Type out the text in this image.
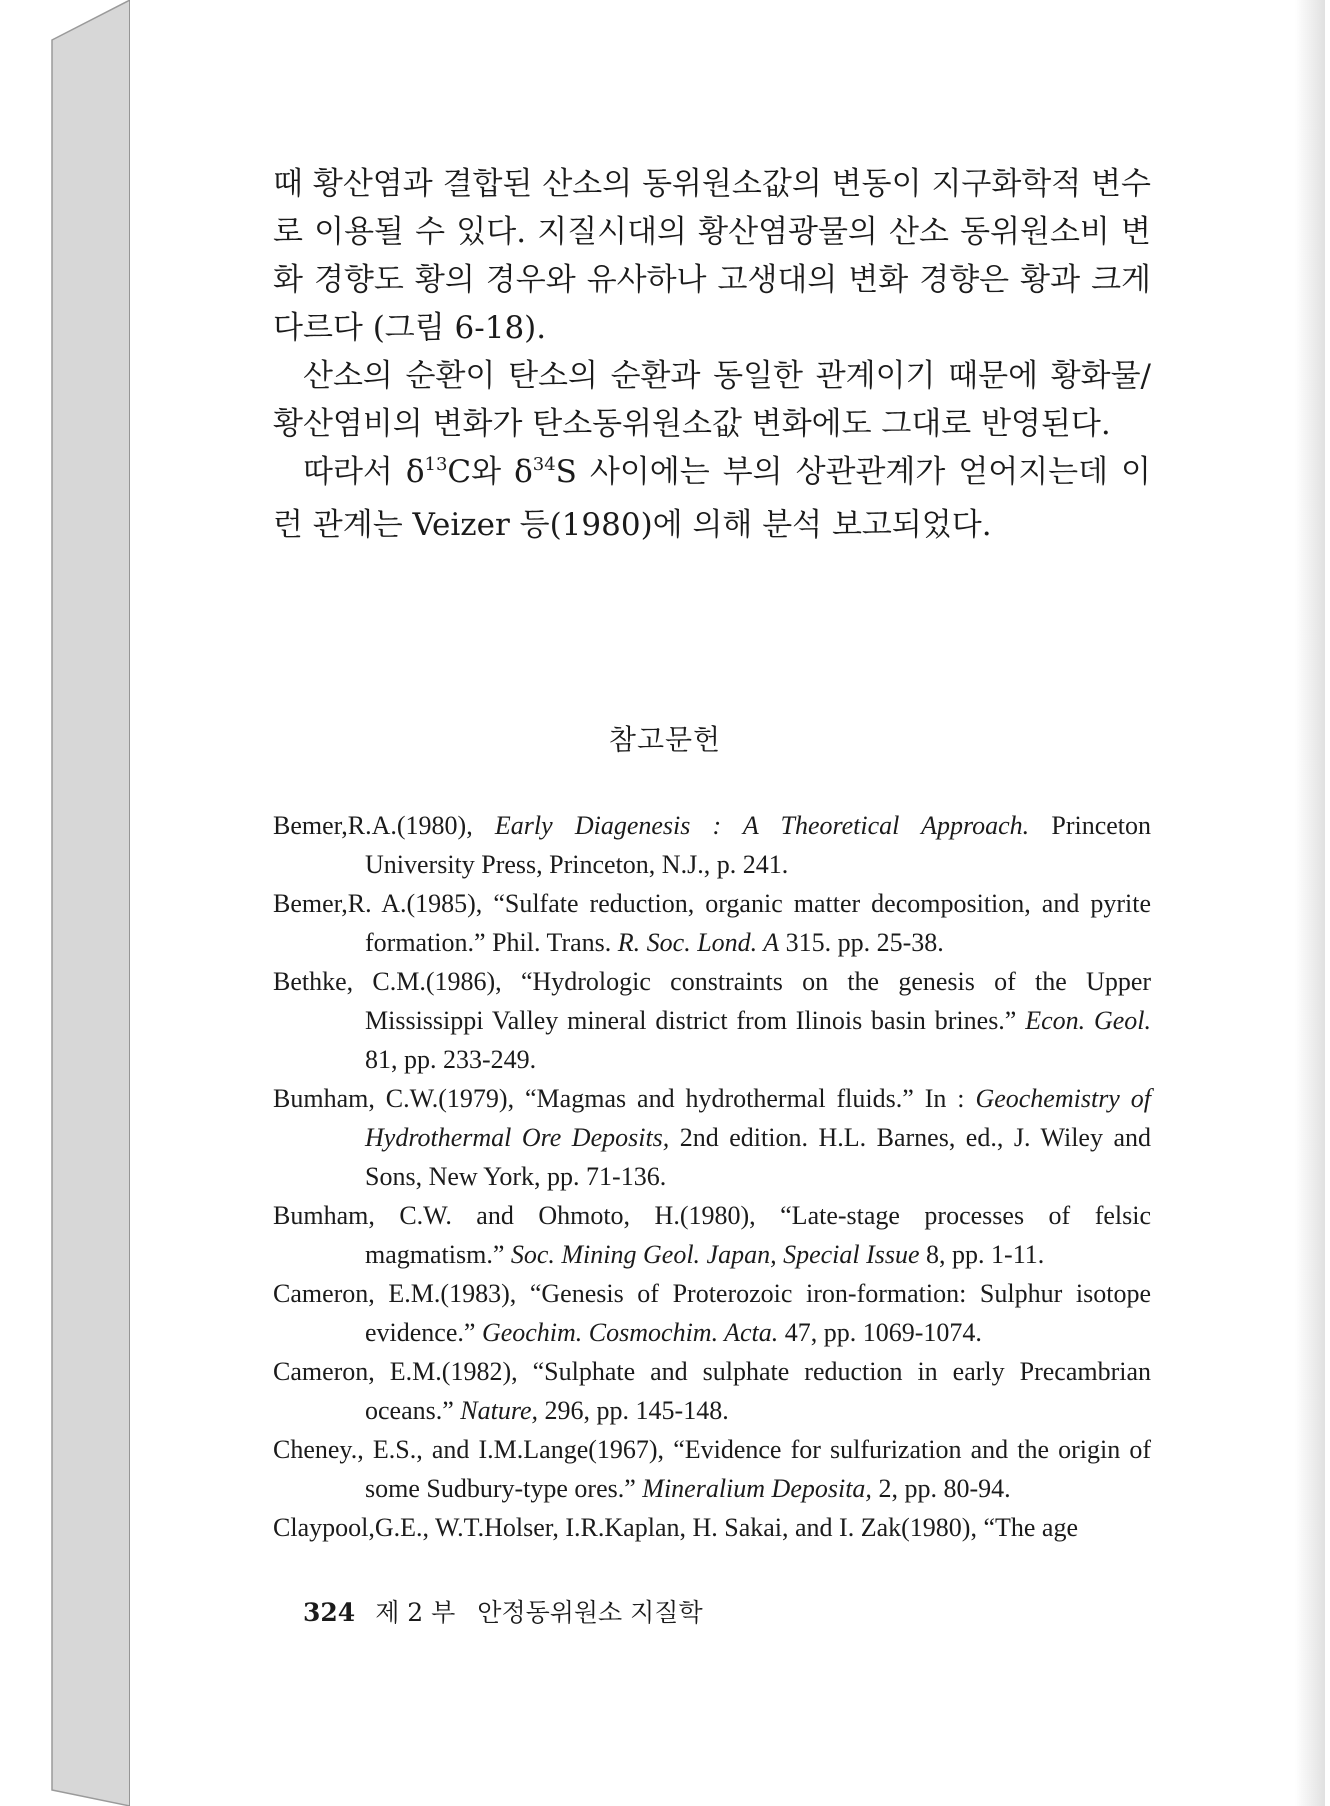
때 황산염과 결합된 산소의 동위원소값의 변동이 지구화학적 변수로 이용될 수 있다. 지질시대의 황산염광물의 산소 동위원소비 변화 경향도 황의 경우와 유사하나 고생대의 변화 경향은 황과 크게 다르다 (그림 6-18).

산소의 순환이 탄소의 순환과 동일한 관계이기 때문에 황화물/황산염비의 변화가 탄소동위원소값 변화에도 그대로 반영된다.

따라서 $\delta^{13}C$와 $\delta^{34}S$ 사이에는 부의 상관관계가 얻어지는데 이런 관계는 Veizer 등(1980)에 의해 분석 보고되었다.

참고문헌

Bemer,R.A.(1980), Early Diagenesis : A Theoretical Approach. Princeton University Press, Princeton, N.J., p. 241.

Bemer,R. A.(1985), “Sulfate reduction, organic matter decomposition, and pyrite formation.” Phil. Trans. R. Soc. Lond. A 315. pp. 25-38.

Bethke, C.M.(1986), “Hydrologic constraints on the genesis of the Upper Mississippi Valley mineral district from Ilinois basin brines.” Econ. Geol. 81, pp. 233-249.

Bumham, C.W.(1979), “Magmas and hydrothermal fluids.” In : Geochemistry of Hydrothermal Ore Deposits, 2nd edition. H.L. Barnes, ed., J. Wiley and Sons, New York, pp. 71-136.

Bumham, C.W. and Ohmoto, H.(1980), “Late-stage processes of felsic magmatism.” Soc. Mining Geol. Japan, Special Issue 8, pp. 1-11.

Cameron, E.M.(1983), “Genesis of Proterozoic iron-formation: Sulphur isotope evidence.” Geochim. Cosmochim. Acta. 47, pp. 1069-1074.

Cameron, E.M.(1982), “Sulphate and sulphate reduction in early Precambrian oceans.” Nature, 296, pp. 145-148.

Cheney., E.S., and I.M.Lange(1967), “Evidence for sulfurization and the origin of some Sudbury-type ores.” Mineralium Deposita, 2, pp. 80-94.

Claypool,G.E., W.T.Holser, I.R.Kaplan, H. Sakai, and I. Zak(1980), “The age

324 제 2 부 안정동위원소 지질학
